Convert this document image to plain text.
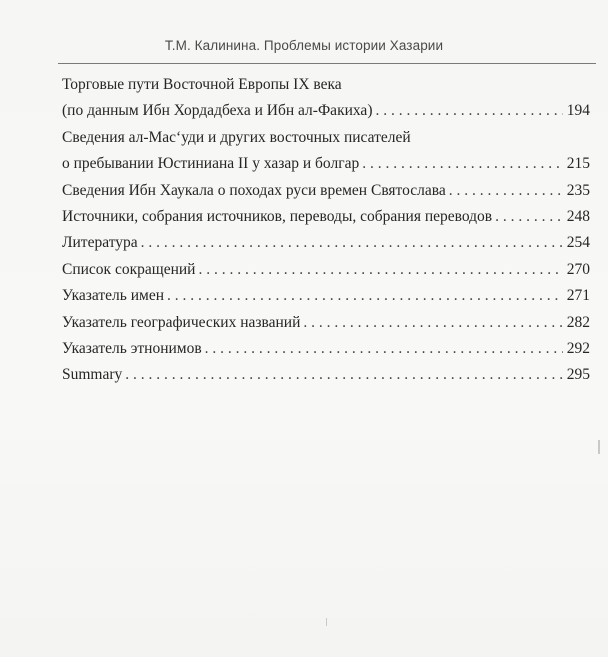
Т.М. Калинина. Проблемы истории Хазарии
Торговые пути Восточной Европы IX века
(по данным Ибн Хордадбеха и Ибн ал-Факиха) . . .	194
Сведения ал-Мас‘уди и других восточных писателей
о пребывании Юстиниана II у хазар и болгар . . .	215
Сведения Ибн Хаукала о походах руси времен Святослава . . .	235
Источники, собрания источников, переводы, собрания переводов . . .	248
Литература . . .	254
Список сокращений . . .	270
Указатель имен . . .	271
Указатель географических названий . . .	282
Указатель этнонимов . . .	292
Summary . . .	295
